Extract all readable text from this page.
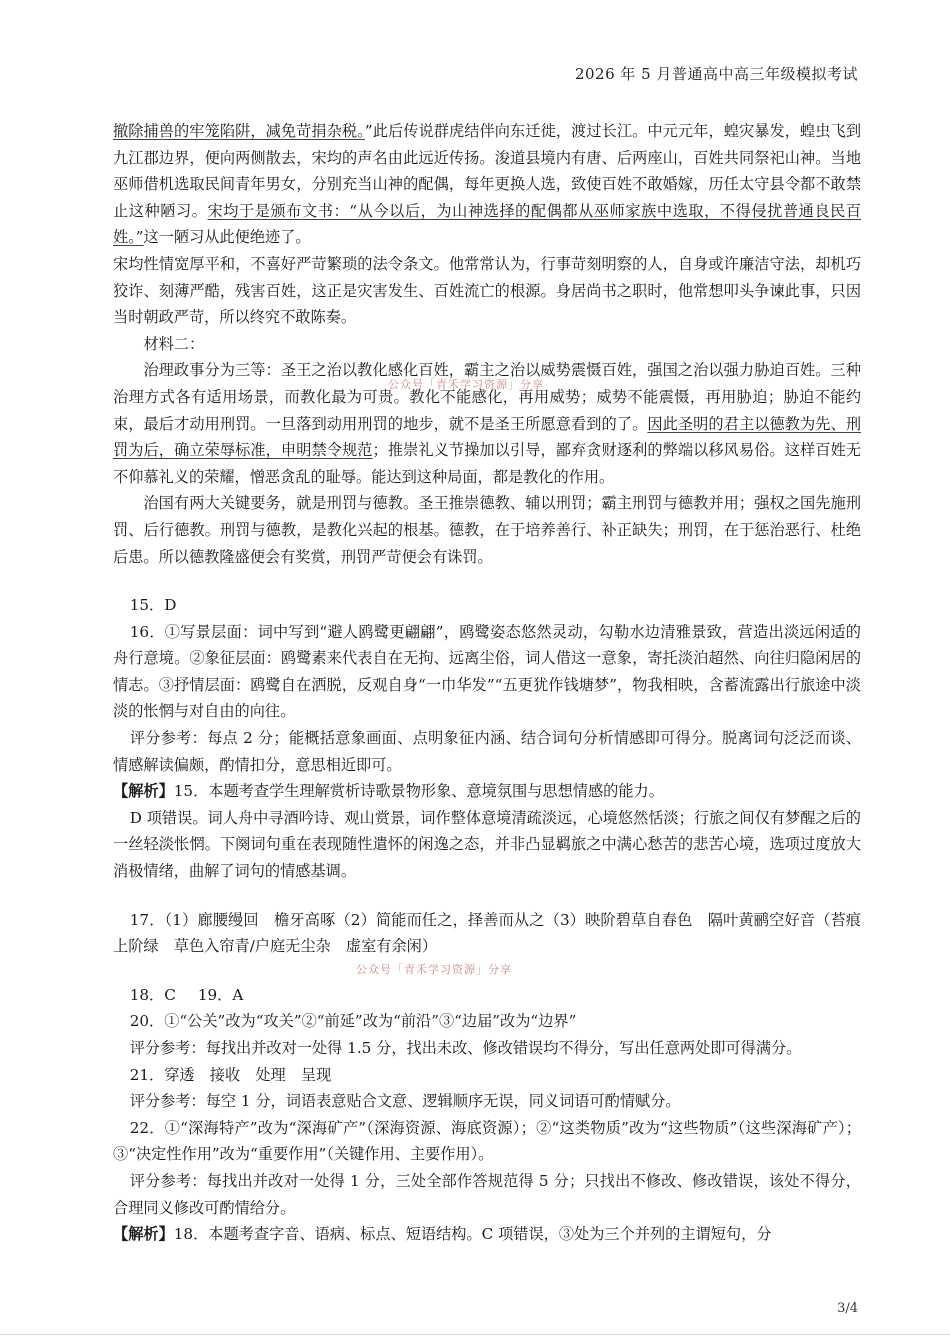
2026 年 5 月普通高中高三年级模拟考试
公众号「青禾学习资源」分享
公众号「青禾学习资源」分享

撤除捕兽的牢笼陷阱，减免苛捐杂税。”此后传说群虎结伴向东迁徙，渡过长江。中元元年，蝗灾暴发，蝗虫飞到九江郡边界，便向两侧散去，宋均的声名由此远近传扬。浚道县境内有唐、后两座山，百姓共同祭祀山神。当地巫师借机选取民间青年男女，分别充当山神的配偶，每年更换人选，致使百姓不敢婚嫁，历任太守县令都不敢禁止这种陋习。宋均于是颁布文书：“从今以后，为山神选择的配偶都从巫师家族中选取，不得侵扰普通良民百姓。”这一陋习从此便绝迹了。

宋均性情宽厚平和，不喜好严苛繁琐的法令条文。他常常认为，行事苛刻明察的人，自身或许廉洁守法，却机巧狡诈、刻薄严酷，残害百姓，这正是灾害发生、百姓流亡的根源。身居尚书之职时，他常想叩头争谏此事，只因当时朝政严苛，所以终究不敢陈奏。

材料二：

治理政事分为三等：圣王之治以教化感化百姓，霸主之治以威势震慑百姓，强国之治以强力胁迫百姓。三种治理方式各有适用场景，而教化最为可贵。教化不能感化，再用威势；威势不能震慑，再用胁迫；胁迫不能约束，最后才动用刑罚。一旦落到动用刑罚的地步，就不是圣王所愿意看到的了。因此圣明的君主以德教为先、刑罚为后，确立荣辱标准，申明禁令规范；推崇礼义节操加以引导，鄙弃贪财逐利的弊端以移风易俗。这样百姓无不仰慕礼义的荣耀，憎恶贪乱的耻辱。能达到这种局面，都是教化的作用。

治国有两大关键要务，就是刑罚与德教。圣王推崇德教、辅以刑罚；霸主刑罚与德教并用；强权之国先施刑罚、后行德教。刑罚与德教，是教化兴起的根基。德教，在于培养善行、补正缺失；刑罚，在于惩治恶行、杜绝后患。所以德教隆盛便会有奖赏，刑罚严苛便会有诛罚。

15．D

16．①写景层面：词中写到“避人鸥鹭更翩翩”，鸥鹭姿态悠然灵动，勾勒水边清雅景致，营造出淡远闲适的舟行意境。②象征层面：鸥鹭素来代表自在无拘、远离尘俗，词人借这一意象，寄托淡泊超然、向往归隐闲居的情志。③抒情层面：鸥鹭自在洒脱，反观自身“一巾华发”“五更犹作钱塘梦”，物我相映，含蓄流露出行旅途中淡淡的怅惘与对自由的向往。

评分参考：每点 2 分；能概括意象画面、点明象征内涵、结合词句分析情感即可得分。脱离词句泛泛而谈、情感解读偏颇，酌情扣分，意思相近即可。

【解析】15．本题考查学生理解赏析诗歌景物形象、意境氛围与思想情感的能力。

D 项错误。词人舟中寻酒吟诗、观山赏景，词作整体意境清疏淡远，心境悠然恬淡；行旅之间仅有梦醒之后的一丝轻淡怅惘。下阕词句重在表现随性遣怀的闲逸之态，并非凸显羁旅之中满心愁苦的悲苦心境，选项过度放大消极情绪，曲解了词句的情感基调。

17．（1）廊腰缦回　檐牙高啄（2）简能而任之，择善而从之（3）映阶碧草自春色　隔叶黄鹂空好音（苔痕上阶绿　草色入帘青/户庭无尘杂　虚室有余闲）

18．C 19．A

20．①“公关”改为“攻关”②“前延”改为“前沿”③“边届”改为“边界”

评分参考：每找出并改对一处得 1.5 分，找出未改、修改错误均不得分，写出任意两处即可得满分。

21．穿透　接收　处理　呈现

评分参考：每空 1 分，词语表意贴合文意、逻辑顺序无误，同义词语可酌情赋分。

22．①“深海特产”改为“深海矿产”（深海资源、海底资源）；②“这类物质”改为“这些物质”（这些深海矿产）；③“决定性作用”改为“重要作用”（关键作用、主要作用）。

评分参考：每找出并改对一处得 1 分，三处全部作答规范得 5 分；只找出不修改、修改错误，该处不得分，合理同义修改可酌情给分。

【解析】18．本题考查字音、语病、标点、短语结构。C 项错误，③处为三个并列的主谓短句，分

3/4
